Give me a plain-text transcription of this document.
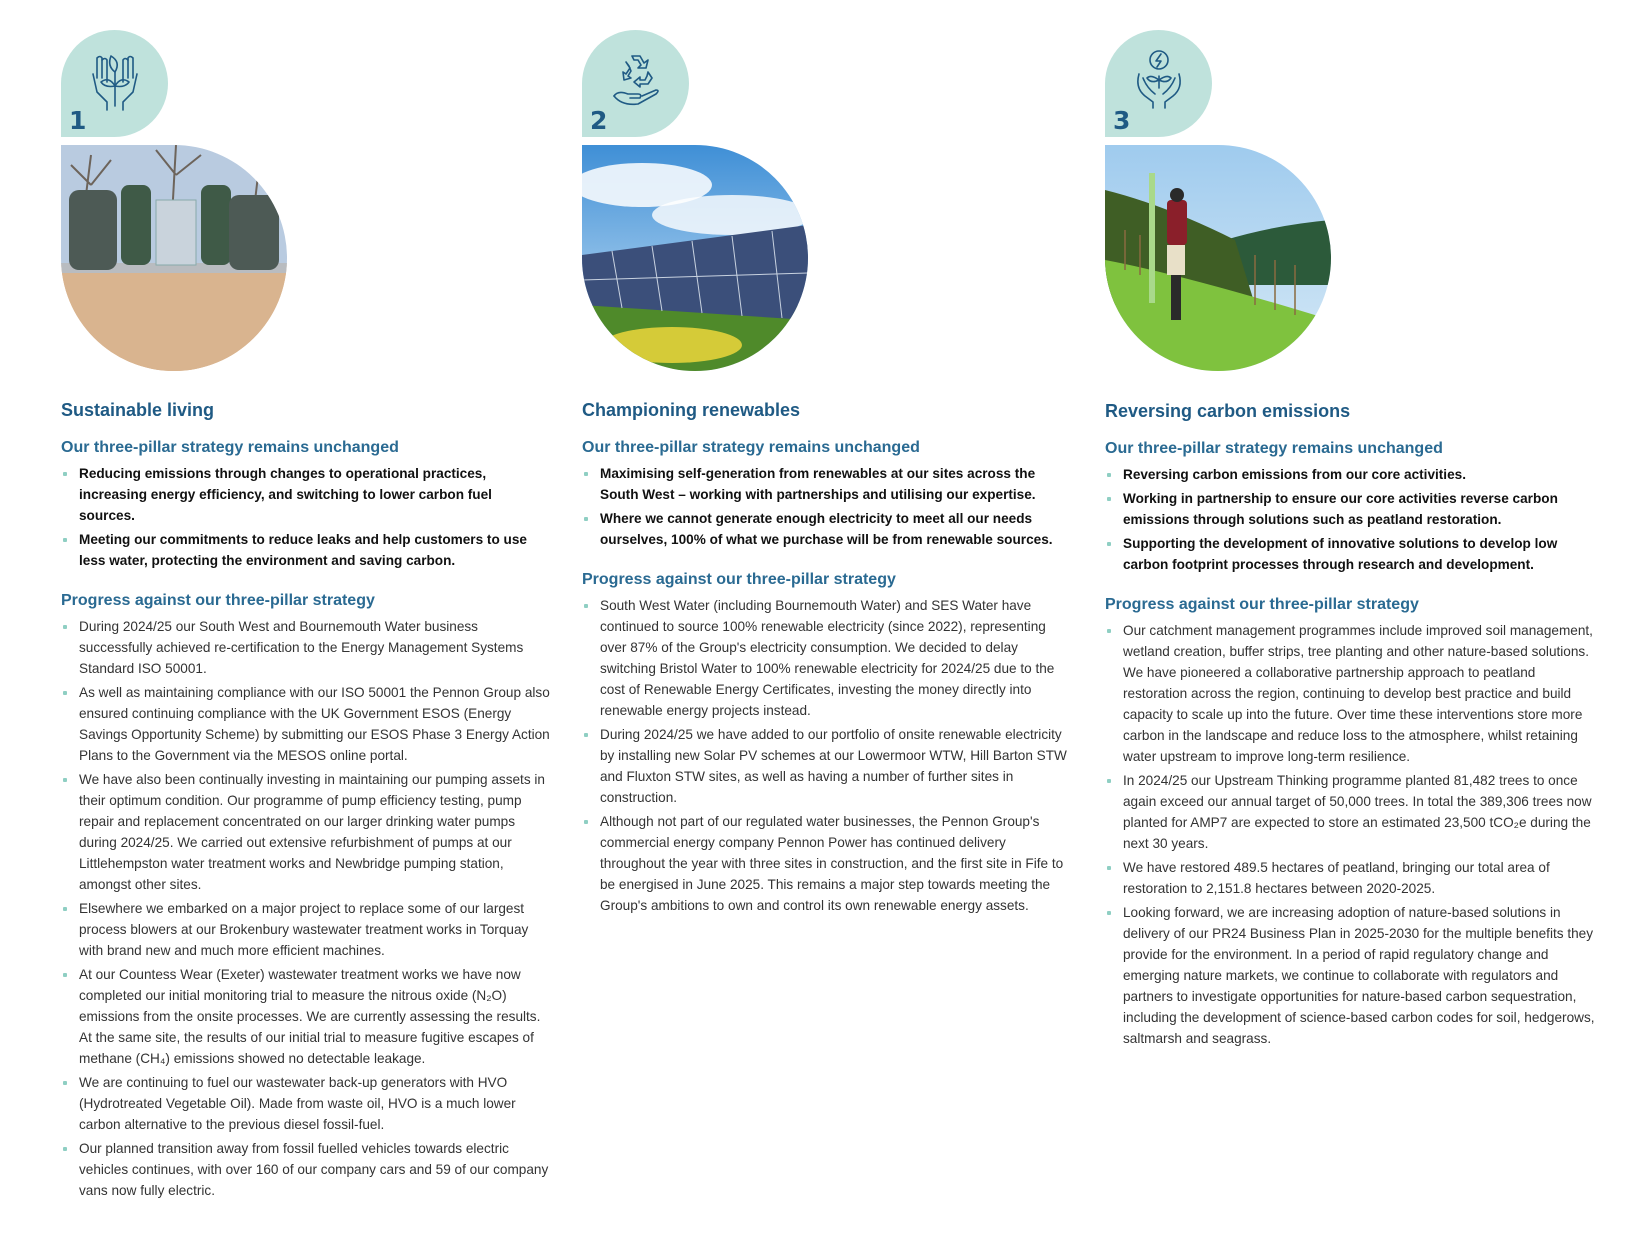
1
Sustainable living
Our three-pillar strategy remains unchanged
Reducing emissions through changes to operational practices, increasing energy efficiency, and switching to lower carbon fuel sources.
Meeting our commitments to reduce leaks and help customers to use less water, protecting the environment and saving carbon.
Progress against our three-pillar strategy
During 2024/25 our South West and Bournemouth Water business successfully achieved re-certification to the Energy Management Systems Standard ISO 50001.
As well as maintaining compliance with our ISO 50001 the Pennon Group also ensured continuing compliance with the UK Government ESOS (Energy Savings Opportunity Scheme) by submitting our ESOS Phase 3 Energy Action Plans to the Government via the MESOS online portal.
We have also been continually investing in maintaining our pumping assets in their optimum condition. Our programme of pump efficiency testing, pump repair and replacement concentrated on our larger drinking water pumps during 2024/25. We carried out extensive refurbishment of pumps at our Littlehempston water treatment works and Newbridge pumping station, amongst other sites.
Elsewhere we embarked on a major project to replace some of our largest process blowers at our Brokenbury wastewater treatment works in Torquay with brand new and much more efficient machines.
At our Countess Wear (Exeter) wastewater treatment works we have now completed our initial monitoring trial to measure the nitrous oxide (N₂O) emissions from the onsite processes. We are currently assessing the results. At the same site, the results of our initial trial to measure fugitive escapes of methane (CH₄) emissions showed no detectable leakage.
We are continuing to fuel our wastewater back-up generators with HVO (Hydrotreated Vegetable Oil). Made from waste oil, HVO is a much lower carbon alternative to the previous diesel fossil-fuel.
Our planned transition away from fossil fuelled vehicles towards electric vehicles continues, with over 160 of our company cars and 59 of our company vans now fully electric.
2
Championing renewables
Our three-pillar strategy remains unchanged
Maximising self-generation from renewables at our sites across the South West – working with partnerships and utilising our expertise.
Where we cannot generate enough electricity to meet all our needs ourselves, 100% of what we purchase will be from renewable sources.
Progress against our three-pillar strategy
South West Water (including Bournemouth Water) and SES Water have continued to source 100% renewable electricity (since 2022), representing over 87% of the Group's electricity consumption. We decided to delay switching Bristol Water to 100% renewable electricity for 2024/25 due to the cost of Renewable Energy Certificates, investing the money directly into renewable energy projects instead.
During 2024/25 we have added to our portfolio of onsite renewable electricity by installing new Solar PV schemes at our Lowermoor WTW, Hill Barton STW and Fluxton STW sites, as well as having a number of further sites in construction.
Although not part of our regulated water businesses, the Pennon Group's commercial energy company Pennon Power has continued delivery throughout the year with three sites in construction, and the first site in Fife to be energised in June 2025. This remains a major step towards meeting the Group's ambitions to own and control its own renewable energy assets.
3
Reversing carbon emissions
Our three-pillar strategy remains unchanged
Reversing carbon emissions from our core activities.
Working in partnership to ensure our core activities reverse carbon emissions through solutions such as peatland restoration.
Supporting the development of innovative solutions to develop low carbon footprint processes through research and development.
Progress against our three-pillar strategy
Our catchment management programmes include improved soil management, wetland creation, buffer strips, tree planting and other nature-based solutions. We have pioneered a collaborative partnership approach to peatland restoration across the region, continuing to develop best practice and build capacity to scale up into the future. Over time these interventions store more carbon in the landscape and reduce loss to the atmosphere, whilst retaining water upstream to improve long-term resilience.
In 2024/25 our Upstream Thinking programme planted 81,482 trees to once again exceed our annual target of 50,000 trees. In total the 389,306 trees now planted for AMP7 are expected to store an estimated 23,500 tCO₂e during the next 30 years.
We have restored 489.5 hectares of peatland, bringing our total area of restoration to 2,151.8 hectares between 2020-2025.
Looking forward, we are increasing adoption of nature-based solutions in delivery of our PR24 Business Plan in 2025-2030 for the multiple benefits they provide for the environment. In a period of rapid regulatory change and emerging nature markets, we continue to collaborate with regulators and partners to investigate opportunities for nature-based carbon sequestration, including the development of science-based carbon codes for soil, hedgerows, saltmarsh and seagrass.
